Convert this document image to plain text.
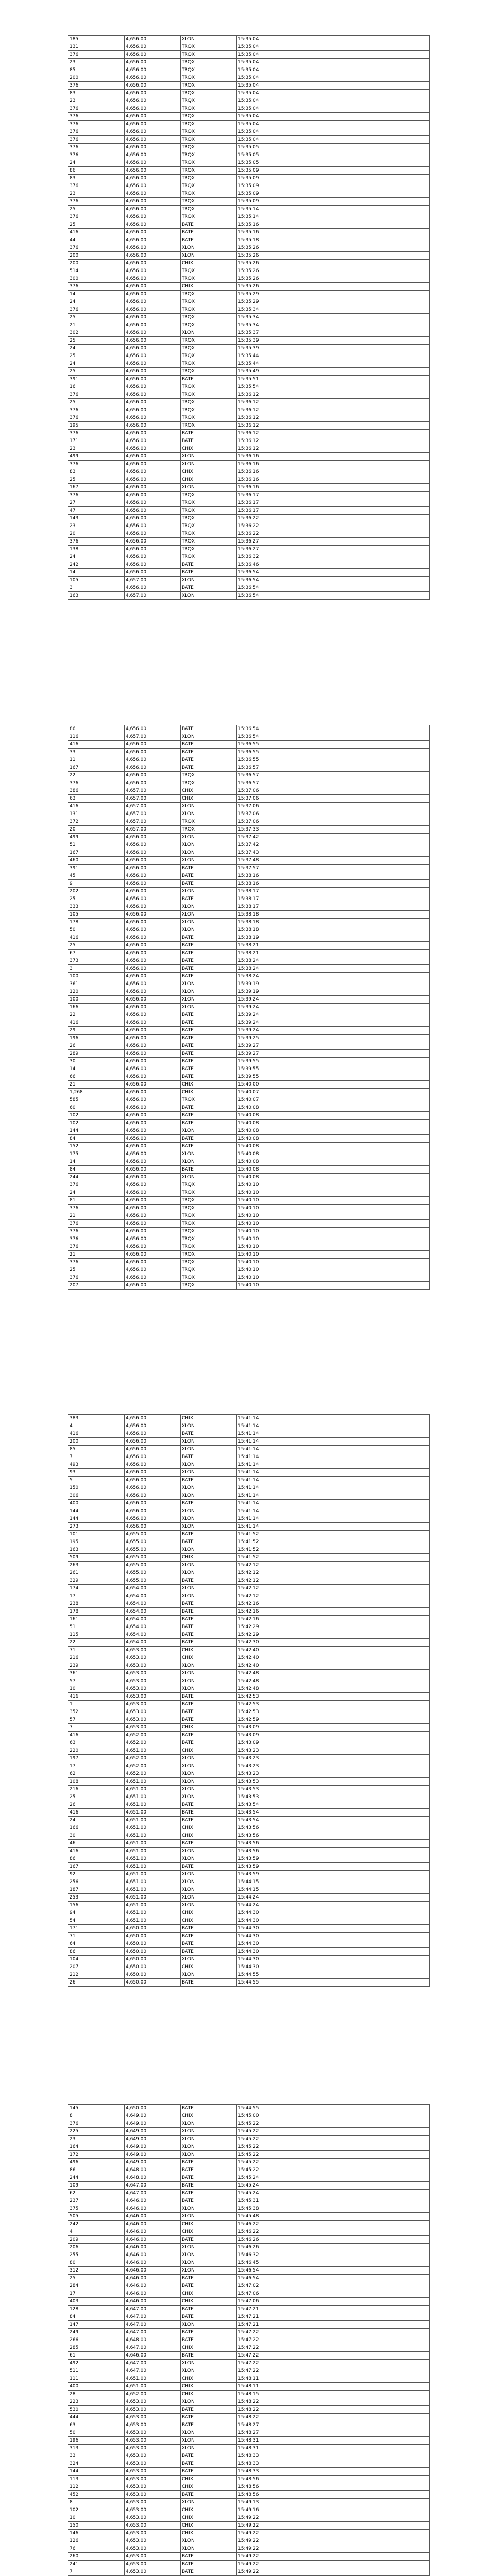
185	4,656.00	XLON	15:35:04
131	4,656.00	TRQX	15:35:04
376	4,656.00	TRQX	15:35:04
23	4,656.00	TRQX	15:35:04
85	4,656.00	TRQX	15:35:04
200	4,656.00	TRQX	15:35:04
376	4,656.00	TRQX	15:35:04
83	4,656.00	TRQX	15:35:04
23	4,656.00	TRQX	15:35:04
376	4,656.00	TRQX	15:35:04
376	4,656.00	TRQX	15:35:04
376	4,656.00	TRQX	15:35:04
376	4,656.00	TRQX	15:35:04
376	4,656.00	TRQX	15:35:04
376	4,656.00	TRQX	15:35:05
376	4,656.00	TRQX	15:35:05
24	4,656.00	TRQX	15:35:05
86	4,656.00	TRQX	15:35:09
83	4,656.00	TRQX	15:35:09
376	4,656.00	TRQX	15:35:09
23	4,656.00	TRQX	15:35:09
376	4,656.00	TRQX	15:35:09
25	4,656.00	TRQX	15:35:14
376	4,656.00	TRQX	15:35:14
25	4,656.00	BATE	15:35:16
416	4,656.00	BATE	15:35:16
44	4,656.00	BATE	15:35:18
376	4,656.00	XLON	15:35:26
200	4,656.00	XLON	15:35:26
200	4,656.00	CHIX	15:35:26
514	4,656.00	TRQX	15:35:26
300	4,656.00	TRQX	15:35:26
376	4,656.00	CHIX	15:35:26
14	4,656.00	TRQX	15:35:29
24	4,656.00	TRQX	15:35:29
376	4,656.00	TRQX	15:35:34
25	4,656.00	TRQX	15:35:34
21	4,656.00	TRQX	15:35:34
302	4,656.00	XLON	15:35:37
25	4,656.00	TRQX	15:35:39
24	4,656.00	TRQX	15:35:39
25	4,656.00	TRQX	15:35:44
24	4,656.00	TRQX	15:35:44
25	4,656.00	TRQX	15:35:49
391	4,656.00	BATE	15:35:51
16	4,656.00	TRQX	15:35:54
376	4,656.00	TRQX	15:36:12
25	4,656.00	TRQX	15:36:12
376	4,656.00	TRQX	15:36:12
376	4,656.00	TRQX	15:36:12
195	4,656.00	TRQX	15:36:12
376	4,656.00	BATE	15:36:12
171	4,656.00	BATE	15:36:12
23	4,656.00	CHIX	15:36:12
499	4,656.00	XLON	15:36:16
376	4,656.00	XLON	15:36:16
83	4,656.00	CHIX	15:36:16
25	4,656.00	CHIX	15:36:16
167	4,656.00	XLON	15:36:16
376	4,656.00	TRQX	15:36:17
27	4,656.00	TRQX	15:36:17
47	4,656.00	TRQX	15:36:17
143	4,656.00	TRQX	15:36:22
23	4,656.00	TRQX	15:36:22
20	4,656.00	TRQX	15:36:22
376	4,656.00	TRQX	15:36:27
138	4,656.00	TRQX	15:36:27
24	4,656.00	TRQX	15:36:32
242	4,656.00	BATE	15:36:46
14	4,656.00	BATE	15:36:54
105	4,657.00	XLON	15:36:54
3	4,656.00	BATE	15:36:54
163	4,657.00	XLON	15:36:54
86	4,656.00	BATE	15:36:54
116	4,657.00	XLON	15:36:54
416	4,656.00	BATE	15:36:55
33	4,656.00	BATE	15:36:55
11	4,656.00	BATE	15:36:55
167	4,656.00	BATE	15:36:57
22	4,656.00	TRQX	15:36:57
376	4,656.00	TRQX	15:36:57
386	4,657.00	CHIX	15:37:06
63	4,657.00	CHIX	15:37:06
416	4,657.00	XLON	15:37:06
131	4,657.00	XLON	15:37:06
372	4,657.00	TRQX	15:37:06
20	4,657.00	TRQX	15:37:33
499	4,656.00	XLON	15:37:42
51	4,656.00	XLON	15:37:42
167	4,656.00	XLON	15:37:43
460	4,656.00	XLON	15:37:48
391	4,656.00	BATE	15:37:57
45	4,656.00	BATE	15:38:16
9	4,656.00	BATE	15:38:16
202	4,656.00	XLON	15:38:17
25	4,656.00	BATE	15:38:17
333	4,656.00	XLON	15:38:17
105	4,656.00	XLON	15:38:18
178	4,656.00	XLON	15:38:18
50	4,656.00	XLON	15:38:18
416	4,656.00	BATE	15:38:19
25	4,656.00	BATE	15:38:21
67	4,656.00	BATE	15:38:21
373	4,656.00	BATE	15:38:24
3	4,656.00	BATE	15:38:24
100	4,656.00	BATE	15:38:24
361	4,656.00	XLON	15:39:19
120	4,656.00	XLON	15:39:19
100	4,656.00	XLON	15:39:24
166	4,656.00	XLON	15:39:24
22	4,656.00	BATE	15:39:24
416	4,656.00	BATE	15:39:24
29	4,656.00	BATE	15:39:24
196	4,656.00	BATE	15:39:25
26	4,656.00	BATE	15:39:27
289	4,656.00	BATE	15:39:27
30	4,656.00	BATE	15:39:55
14	4,656.00	BATE	15:39:55
66	4,656.00	BATE	15:39:55
21	4,656.00	CHIX	15:40:00
1,268	4,656.00	CHIX	15:40:07
585	4,656.00	TRQX	15:40:07
60	4,656.00	BATE	15:40:08
102	4,656.00	BATE	15:40:08
102	4,656.00	BATE	15:40:08
144	4,656.00	XLON	15:40:08
84	4,656.00	BATE	15:40:08
152	4,656.00	BATE	15:40:08
175	4,656.00	XLON	15:40:08
14	4,656.00	XLON	15:40:08
84	4,656.00	BATE	15:40:08
244	4,656.00	XLON	15:40:08
376	4,656.00	TRQX	15:40:10
24	4,656.00	TRQX	15:40:10
81	4,656.00	TRQX	15:40:10
376	4,656.00	TRQX	15:40:10
21	4,656.00	TRQX	15:40:10
376	4,656.00	TRQX	15:40:10
376	4,656.00	TRQX	15:40:10
376	4,656.00	TRQX	15:40:10
376	4,656.00	TRQX	15:40:10
21	4,656.00	TRQX	15:40:10
376	4,656.00	TRQX	15:40:10
25	4,656.00	TRQX	15:40:10
376	4,656.00	TRQX	15:40:10
207	4,656.00	TRQX	15:40:10
383	4,656.00	CHIX	15:41:14
4	4,656.00	XLON	15:41:14
416	4,656.00	BATE	15:41:14
200	4,656.00	XLON	15:41:14
85	4,656.00	XLON	15:41:14
7	4,656.00	BATE	15:41:14
493	4,656.00	XLON	15:41:14
93	4,656.00	XLON	15:41:14
5	4,656.00	BATE	15:41:14
150	4,656.00	XLON	15:41:14
306	4,656.00	XLON	15:41:14
400	4,656.00	BATE	15:41:14
144	4,656.00	XLON	15:41:14
144	4,656.00	XLON	15:41:14
273	4,656.00	XLON	15:41:14
101	4,655.00	BATE	15:41:52
195	4,655.00	BATE	15:41:52
163	4,655.00	XLON	15:41:52
509	4,655.00	CHIX	15:41:52
263	4,655.00	XLON	15:42:12
261	4,655.00	XLON	15:42:12
329	4,655.00	BATE	15:42:12
174	4,654.00	XLON	15:42:12
17	4,654.00	XLON	15:42:12
238	4,654.00	BATE	15:42:16
178	4,654.00	BATE	15:42:16
161	4,654.00	BATE	15:42:16
51	4,654.00	BATE	15:42:29
115	4,654.00	BATE	15:42:29
22	4,654.00	BATE	15:42:30
71	4,653.00	CHIX	15:42:40
216	4,653.00	CHIX	15:42:40
239	4,653.00	XLON	15:42:40
361	4,653.00	XLON	15:42:48
57	4,653.00	XLON	15:42:48
10	4,653.00	XLON	15:42:48
416	4,653.00	BATE	15:42:53
1	4,653.00	BATE	15:42:53
352	4,653.00	BATE	15:42:53
57	4,653.00	BATE	15:42:59
7	4,653.00	CHIX	15:43:09
416	4,652.00	BATE	15:43:09
63	4,652.00	BATE	15:43:09
220	4,651.00	CHIX	15:43:23
197	4,652.00	XLON	15:43:23
17	4,652.00	XLON	15:43:23
62	4,652.00	XLON	15:43:23
108	4,651.00	XLON	15:43:53
216	4,651.00	XLON	15:43:53
25	4,651.00	XLON	15:43:53
26	4,651.00	BATE	15:43:54
416	4,651.00	BATE	15:43:54
24	4,651.00	BATE	15:43:54
166	4,651.00	CHIX	15:43:56
30	4,651.00	CHIX	15:43:56
46	4,651.00	BATE	15:43:56
416	4,651.00	XLON	15:43:56
86	4,651.00	XLON	15:43:59
167	4,651.00	BATE	15:43:59
92	4,651.00	XLON	15:43:59
256	4,651.00	XLON	15:44:15
187	4,651.00	XLON	15:44:15
253	4,651.00	XLON	15:44:24
156	4,651.00	XLON	15:44:24
94	4,651.00	CHIX	15:44:30
54	4,651.00	CHIX	15:44:30
171	4,650.00	BATE	15:44:30
71	4,650.00	BATE	15:44:30
64	4,650.00	BATE	15:44:30
86	4,650.00	BATE	15:44:30
104	4,650.00	XLON	15:44:30
207	4,650.00	CHIX	15:44:30
212	4,650.00	XLON	15:44:55
26	4,650.00	BATE	15:44:55
145	4,650.00	BATE	15:44:55
8	4,649.00	CHIX	15:45:00
376	4,649.00	XLON	15:45:22
225	4,649.00	XLON	15:45:22
23	4,649.00	XLON	15:45:22
164	4,649.00	XLON	15:45:22
172	4,649.00	XLON	15:45:22
496	4,649.00	BATE	15:45:22
86	4,648.00	BATE	15:45:22
244	4,648.00	BATE	15:45:24
109	4,647.00	BATE	15:45:24
62	4,647.00	BATE	15:45:24
237	4,646.00	BATE	15:45:31
375	4,646.00	XLON	15:45:38
505	4,646.00	XLON	15:45:48
242	4,646.00	CHIX	15:46:22
4	4,646.00	CHIX	15:46:22
209	4,646.00	BATE	15:46:26
206	4,646.00	XLON	15:46:26
255	4,646.00	XLON	15:46:32
80	4,646.00	XLON	15:46:45
312	4,646.00	XLON	15:46:54
25	4,646.00	BATE	15:46:54
284	4,646.00	BATE	15:47:02
17	4,646.00	CHIX	15:47:06
403	4,646.00	CHIX	15:47:06
128	4,647.00	BATE	15:47:21
84	4,647.00	BATE	15:47:21
147	4,647.00	XLON	15:47:21
249	4,647.00	BATE	15:47:22
266	4,648.00	BATE	15:47:22
285	4,647.00	CHIX	15:47:22
61	4,646.00	BATE	15:47:22
492	4,647.00	XLON	15:47:22
511	4,647.00	XLON	15:47:22
111	4,651.00	CHIX	15:48:11
400	4,651.00	CHIX	15:48:11
28	4,652.00	CHIX	15:48:15
223	4,653.00	XLON	15:48:22
530	4,653.00	BATE	15:48:22
444	4,653.00	BATE	15:48:22
63	4,653.00	BATE	15:48:27
50	4,653.00	XLON	15:48:27
196	4,653.00	XLON	15:48:31
313	4,653.00	XLON	15:48:31
33	4,653.00	BATE	15:48:33
324	4,653.00	BATE	15:48:33
144	4,653.00	BATE	15:48:33
113	4,653.00	CHIX	15:48:56
112	4,653.00	CHIX	15:48:56
452	4,653.00	BATE	15:48:56
8	4,653.00	XLON	15:49:13
102	4,653.00	CHIX	15:49:16
10	4,653.00	CHIX	15:49:22
150	4,653.00	CHIX	15:49:22
146	4,653.00	CHIX	15:49:22
126	4,653.00	XLON	15:49:22
76	4,653.00	XLON	15:49:22
260	4,653.00	BATE	15:49:22
241	4,653.00	BATE	15:49:22
7	4,653.00	BATE	15:49:22
